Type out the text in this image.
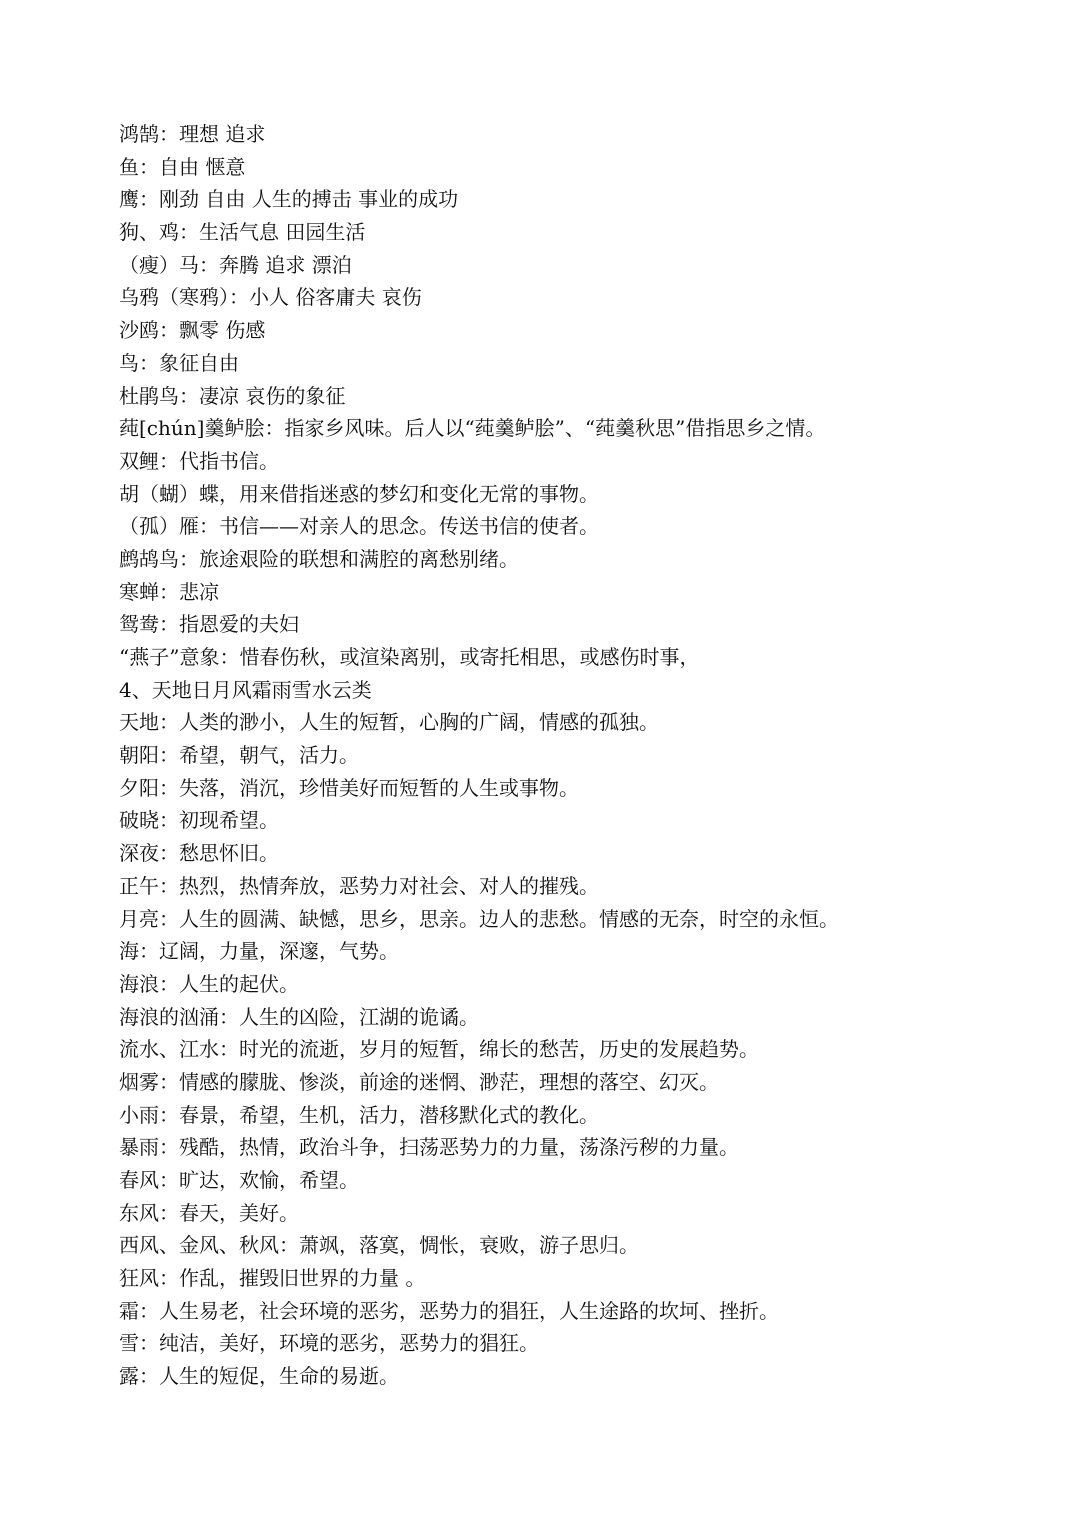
鸿鹄：理想 追求
鱼：自由 惬意
鹰：刚劲 自由 人生的搏击 事业的成功
狗、鸡：生活气息 田园生活
（瘦）马：奔腾 追求 漂泊
乌鸦（寒鸦）：小人 俗客庸夫 哀伤
沙鸥：飘零 伤感
鸟：象征自由
杜鹃鸟：凄凉 哀伤的象征
莼[chún]羹鲈脍：指家乡风味。后人以“莼羹鲈脍”、“莼羹秋思”借指思乡之情。
双鲤：代指书信。
胡（蝴）蝶，用来借指迷惑的梦幻和变化无常的事物。
（孤）雁：书信——对亲人的思念。传送书信的使者。
鹧鸪鸟：旅途艰险的联想和满腔的离愁别绪。
寒蝉：悲凉
鸳鸯：指恩爱的夫妇
“燕子”意象：惜春伤秋，或渲染离别，或寄托相思，或感伤时事，
4、天地日月风霜雨雪水云类
天地：人类的渺小，人生的短暂，心胸的广阔，情感的孤独。
朝阳：希望，朝气，活力。
夕阳：失落，消沉，珍惜美好而短暂的人生或事物。
破晓：初现希望。
深夜：愁思怀旧。
正午：热烈，热情奔放，恶势力对社会、对人的摧残。
月亮：人生的圆满、缺憾，思乡，思亲。边人的悲愁。情感的无奈，时空的永恒。
海：辽阔，力量，深邃，气势。
海浪：人生的起伏。
海浪的汹涌：人生的凶险，江湖的诡谲。
流水、江水：时光的流逝，岁月的短暂，绵长的愁苦，历史的发展趋势。
烟雾：情感的朦胧、惨淡，前途的迷惘、渺茫，理想的落空、幻灭。
小雨：春景，希望，生机，活力，潜移默化式的教化。
暴雨：残酷，热情，政治斗争，扫荡恶势力的力量，荡涤污秽的力量。
春风：旷达，欢愉，希望。
东风：春天，美好。
西风、金风、秋风：萧飒，落寞，惆怅，衰败，游子思归。
狂风：作乱，摧毁旧世界的力量 。
霜：人生易老，社会环境的恶劣，恶势力的猖狂，人生途路的坎坷、挫折。
雪：纯洁，美好，环境的恶劣，恶势力的猖狂。
露：人生的短促，生命的易逝。
